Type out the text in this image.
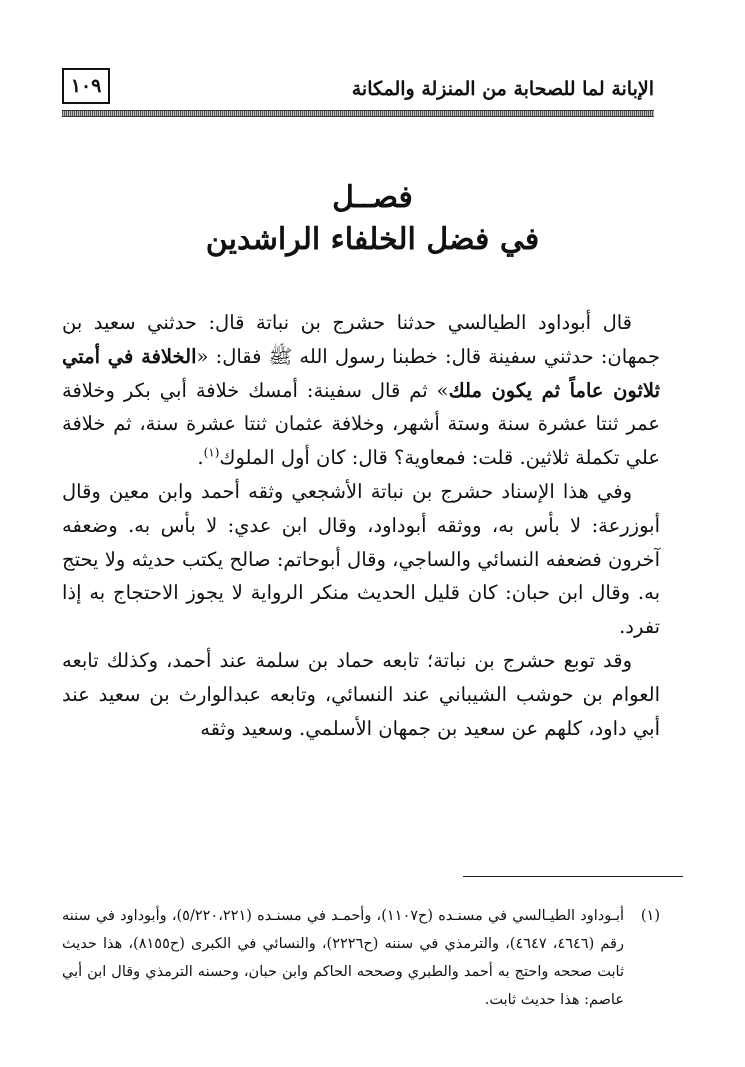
١٠٩	الإبانة لما للصحابة من المنزلة والمكانة
فصــل
في فضل الخلفاء الراشدين

قال أبوداود الطيالسي حدثنا حشرج بن نباتة قال: حدثني سعيد بن جمهان: حدثني سفينة قال: خطبنا رسول الله ﷺ فقال: «الخلافة في أمتي ثلاثون عاماً ثم يكون ملك» ثم قال سفينة: أمسك خلافة أبي بكر وخلافة عمر ثنتا عشرة سنة وستة أشهر، وخلافة عثمان ثنتا عشرة سنة، ثم خلافة علي تكملة ثلاثين. قلت: فمعاوية؟ قال: كان أول الملوك$^{(١)}$.

وفي هذا الإسناد حشرج بن نباتة الأشجعي وثقه أحمد وابن معين وقال أبوزرعة: لا بأس به، ووثقه أبوداود، وقال ابن عدي: لا بأس به. وضعفه آخرون فضعفه النسائي والساجي، وقال أبوحاتم: صالح يكتب حديثه ولا يحتج به. وقال ابن حبان: كان قليل الحديث منكر الرواية لا يجوز الاحتجاج به إذا تفرد.

وقد توبع حشرج بن نباتة؛ تابعه حماد بن سلمة عند أحمد، وكذلك تابعه العوام بن حوشب الشيباني عند النسائي، وتابعه عبدالوارث بن سعيد عند أبي داود، كلهم عن سعيد بن جمهان الأسلمي. وسعيد وثقه

(١)
أبـوداود الطيـالسي في مسنـده (ح١١٠٧)، وأحمـد في مسنـده (٥/٢٢٠،٢٢١)، وأبوداود في سننه رقم (٤٦٤٦، ٤٦٤٧)، والترمذي في سننه (ح٢٢٢٦)، والنسائي في الكبرى (ح٨١٥٥)، هذا حديث ثابت صححه واحتج به أحمد والطبري وصححه الحاكم وابن حبان، وحسنه الترمذي وقال ابن أبي عاصم: هذا حديث ثابت.
